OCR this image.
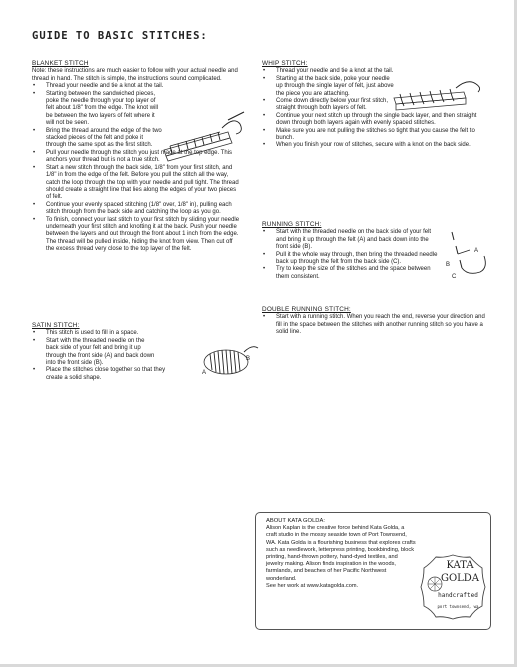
GUIDE TO BASIC STITCHES:
BLANKET STITCH

Note: these instructions are much easier to follow with your actual needle and thread in hand. The stitch is simple, the instructions sound complicated.

• Thread your needle and tie a knot at the tail.
• Starting between the sandwiched pieces, poke the needle through your top layer of felt about 1/8" from the edge. The knot will be between the two layers of felt where it will not be seen.
• Bring the thread around the edge of the two stacked pieces of the felt and poke it through the same spot as the first stitch.
• Pull your needle through the stitch you just made at the top edge. This anchors your thread but is not a true stitch.
• Start a new stitch through the back side, 1/8" from your first stitch, and 1/8" in from the edge of the felt. Before you pull the stitch all the way, catch the loop through the top with your needle and pull tight. The thread should create a straight line that lies along the edges of your two pieces of felt.
• Continue your evenly spaced stitching (1/8" over, 1/8" in), pulling each stitch through from the back side and catching the loop as you go.
• To finish, connect your last stitch to your first stitch by sliding your needle underneath your first stitch and knotting it at the back. Push your needle between the layers and out through the front about 1 inch from the edge. The thread will be pulled inside, hiding the knot from view. Then cut off the excess thread very close to the top layer of the felt.
SATIN STITCH:
• This stitch is used to fill in a space.
• Start with the threaded needle on the back side of your felt and bring it up through the front side (A) and back down into the front side (B).
• Place the stitches close together so that they create a solid shape.
A
B
WHIP STITCH:
• Thread your needle and tie a knot at the tail.
• Starting at the back side, poke your needle up through the single layer of felt, just above the piece you are attaching.
• Come down directly below your first stitch, straight through both layers of felt.
• Continue your next stitch up through the single back layer, and then straight down through both layers again with evenly spaced stitches.
• Make sure you are not pulling the stitches so tight that you cause the felt to bunch.
• When you finish your row of stitches, secure with a knot on the back side.
RUNNING STITCH:
• Start with the threaded needle on the back side of your felt and bring it up through the felt (A) and back down into the front side (B).
• Pull it the whole way through, then bring the threaded needle back up through the felt from the back side (C).
• Try to keep the size of the stitches and the space between them consistent.
A
B
C
DOUBLE RUNNING STITCH:
• Start with a running stitch. When you reach the end, reverse your direction and fill in the space between the stitches with another running stitch so you have a solid line.
ABOUT KATA GOLDA:

Alison Kaplan is the creative force behind Kata Golda, a craft studio in the mossy seaside town of Port Townsend, WA. Kata Golda is a flourishing business that explores crafts such as needlework, letterpress printing, bookbinding, block printing, hand-thrown pottery, hand-dyed textiles, and jewelry making. Alison finds inspiration in the woods, farmlands, and beaches of her Pacific Northwest wonderland.

See her work at www.katagolda.com.

KATA
GOLDA
handcrafted
port townsend, wa
